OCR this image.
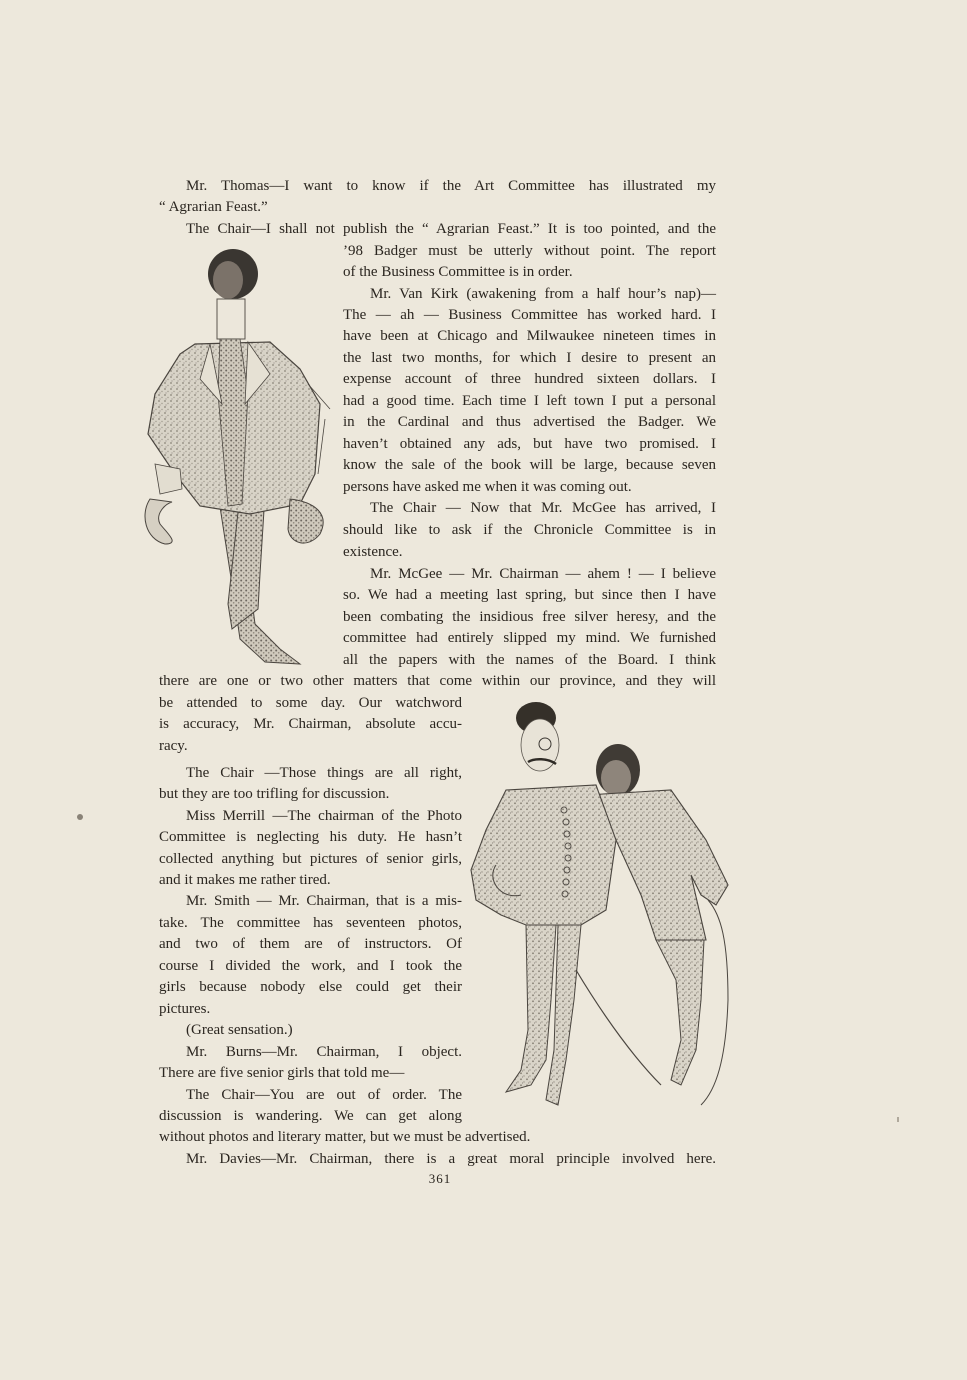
Mr. Thomas—I want to know if the Art Committee has illustrated my
“ Agrarian Feast.”
The Chair—I shall not publish the “ Agrarian Feast.” It is too pointed, and the
’98 Badger must be utterly without point. The report
of the Business Committee is in order.
Mr. Van Kirk (awakening from a half hour’s nap)—
The — ah — Business Committee has worked hard. I
have been at Chicago and Milwaukee nineteen times in
the last two months, for which I desire to present an
expense account of three hundred sixteen dollars. I
had a good time. Each time I left town I put a personal
in the Cardinal and thus advertised the Badger. We
haven’t obtained any ads, but have two promised. I
know the sale of the book will be large, because seven
persons have asked me when it was coming out.
The Chair — Now that Mr. McGee has arrived, I
should like to ask if the Chronicle Committee is in
existence.
Mr. McGee — Mr. Chairman — ahem ! — I believe
so. We had a meeting last spring, but since then I have
been combating the insidious free silver heresy, and the
committee had entirely slipped my mind. We furnished
all the papers with the names of the Board. I think
there are one or two other matters that come within our province, and they will
be attended to some day. Our watchword
is accuracy, Mr. Chairman, absolute accu-
racy.
The Chair —Those things are all right,
but they are too trifling for discussion.
Miss Merrill —The chairman of the Photo
Committee is neglecting his duty. He hasn’t
collected anything but pictures of senior girls,
and it makes me rather tired.
Mr. Smith — Mr. Chairman, that is a mis-
take. The committee has seventeen photos,
and two of them are of instructors. Of
course I divided the work, and I took the
girls because nobody else could get their
pictures.
(Great sensation.)
Mr. Burns—Mr. Chairman, I object.
There are five senior girls that told me—
The Chair—You are out of order. The
discussion is wandering. We can get along
without photos and literary matter, but we must be advertised.
Mr. Davies—Mr. Chairman, there is a great moral principle involved here.
361
